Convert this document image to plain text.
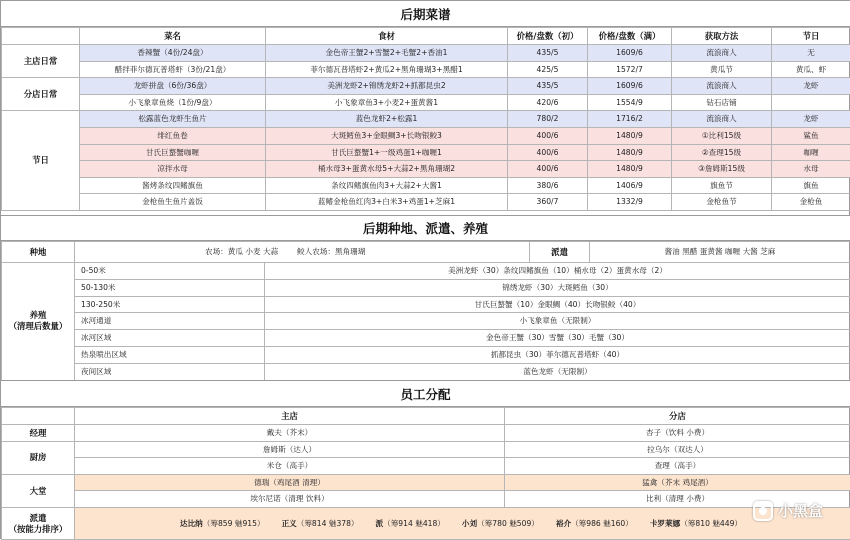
后期菜谱
	菜名	食材	价格/盘数（初）	价格/盘数（满）	获取方法	节日
主店日常	香辣蟹（4份/24盘）	金色帝王蟹2+雪蟹2+毛蟹2+香油1	435/5	1609/6	流浪商人	无
	醋拌菲尔德瓦普塔虾（3份/21盘）	菲尔德瓦普塔虾2+黄瓜2+黑角珊瑚3+黑醋1	425/5	1572/7	黄瓜节	黄瓜、虾
分店日常	龙虾拼盘（6份/36盘）	美洲龙虾2+锦绣龙虾2+抓都昆虫2	435/5	1609/6	流浪商人	龙虾
	小飞象章鱼烧（1份/9盘）	小飞象章鱼3+小麦2+蛋黄酱1	420/6	1554/9	钻石店铺	
节日	松露蓝色龙虾生鱼片	蓝色龙虾2+松露1	780/2	1716/2	流浪商人	龙虾
	绯红鱼卷	大斑鳕鱼3+金眼鲷3+长吻银鲛3	400/6	1480/9	①比利15级	鲨鱼
	甘氏巨螯蟹咖喱	甘氏巨螯蟹1+一级鸡蛋1+咖喱1	400/6	1480/9	②查理15级	咖喱
	凉拌水母	桶水母3+蛋黄水母5+大蒜2+黑角珊瑚2	400/6	1480/9	③詹姆斯15级	水母
	酱烤条纹四鳍旗鱼	条纹四鳍旗鱼肉3+大蒜2+大酱1	380/6	1406/9	旗鱼节	旗鱼
	金枪鱼生鱼片盖饭	蓝鳍金枪鱼红肉3+白米3+鸡蛋1+芝麻1	360/7	1332/9	金枪鱼节	金枪鱼
后期种地、派遣、养殖
种地	农场：黄瓜 小麦 大蒜 鲛人农场：黑角珊瑚	派遣	酱油 黑醋 蛋黄酱 咖喱 大酱 芝麻
养殖
（清理后数量）	0-50米	美洲龙虾（30）条纹四鳍旗鱼（10）桶水母（2）蛋黄水母（2）
	50-130米	锦绣龙虾（30）大斑鳕鱼（30）
	130-250米	甘氏巨螯蟹（10）金眼鲷（40）长吻银鲛（40）
	冰河通道	小飞象章鱼（无限制）
	冰河区域	金色帝王蟹（30）雪蟹（30）毛蟹（30）
	热泉喷出区域	抓都昆虫（30）菲尔德瓦普塔虾（40）
	夜间区域	蓝色龙虾（无限制）
员工分配
	主店	分店
经理	戴夫（芥末）	杏子（饮料 小费）
厨房	詹姆斯（达人）	拉乌尔（双达人）
	米仓（高手）	查理（高手）
大堂	德瑞（鸡尾酒 清理）	猛禽（芥末 鸡尾酒）
	埃尔尼诺（清理 饮料）	比利（清理 小费）
派遣
（按能力排序）
	达比纳（筹859 魅915） 正义（筹814 魅378） 派（筹914 魅418） 小刘（筹780 魅509） 裕介（筹986 魅160） 卡罗莱娜（筹810 魅449）
小黑盒
